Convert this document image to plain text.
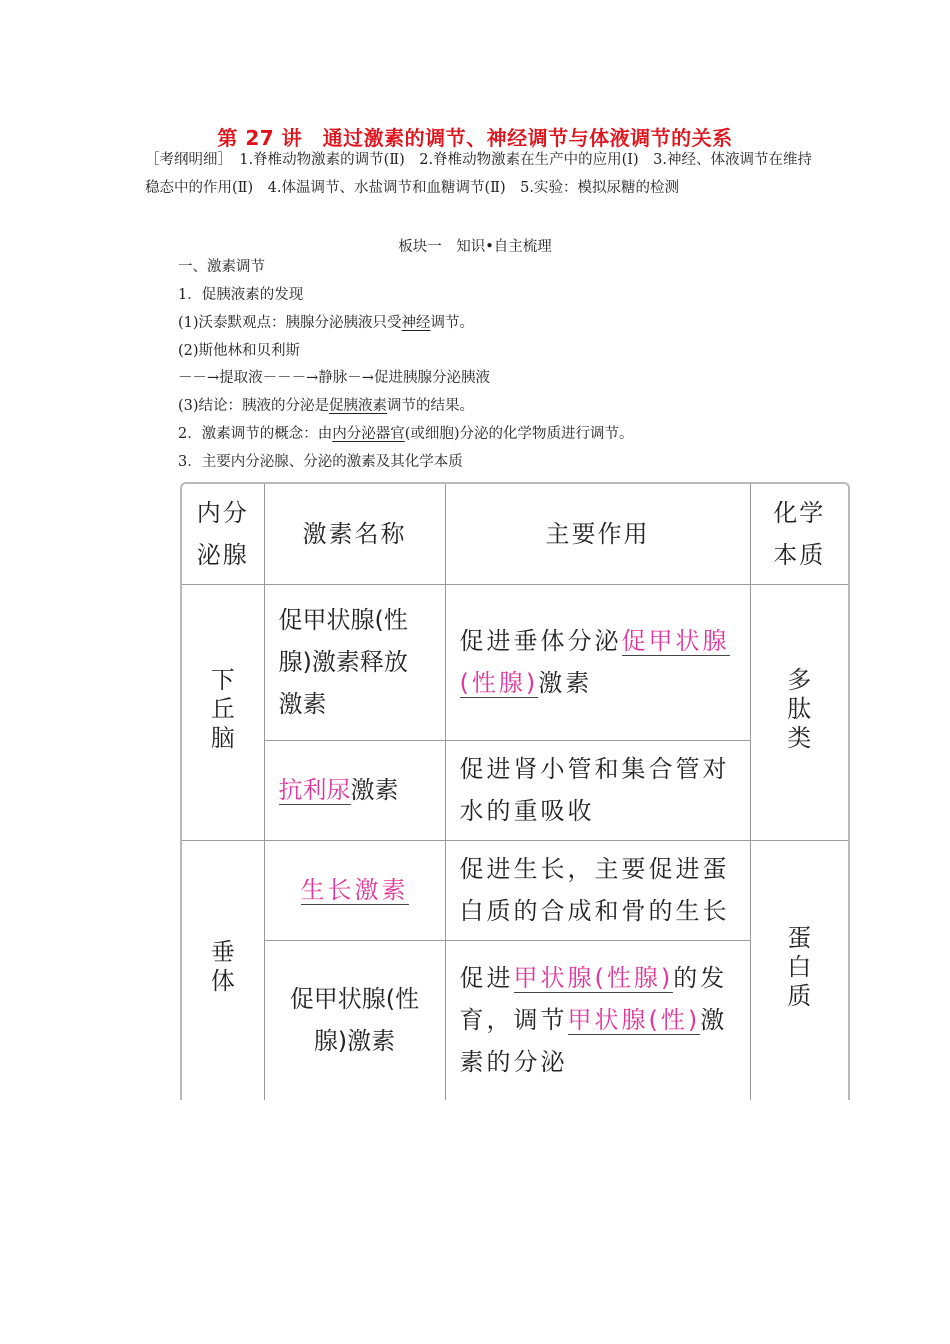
第 27 讲　通过激素的调节、神经调节与体液调节的关系
［考纲明细］　1.脊椎动物激素的调节(Ⅱ)　2.脊椎动物激素在生产中的应用(Ⅰ)　3.神经、体液调节在维持稳态中的作用(Ⅱ)　4.体温调节、水盐调节和血糖调节(Ⅱ)　5.实验：模拟尿糖的检测
板块一　知识•自主梳理
一、激素调节
1．促胰液素的发现
(1)沃泰默观点：胰腺分泌胰液只受神经调节。
(2)斯他林和贝利斯
－－→提取液－－－→静脉－→促进胰腺分泌胰液
(3)结论：胰液的分泌是促胰液素调节的结果。
2．激素调节的概念：由内分泌器官(或细胞)分泌的化学物质进行调节。
3．主要内分泌腺、分泌的激素及其化学本质
内分泌腺	激素名称	主要作用	化学本质
下丘脑	促甲状腺(性腺)激素释放激素	促进垂体分泌促甲状腺(性腺)激素	多肽类
	抗利尿激素	促进肾小管和集合管对水的重吸收	
垂体	生长激素	促进生长，主要促进蛋白质的合成和骨的生长	蛋白质
	促甲状腺(性腺)激素	促进甲状腺(性腺)的发育，调节甲状腺(性)激素的分泌	
